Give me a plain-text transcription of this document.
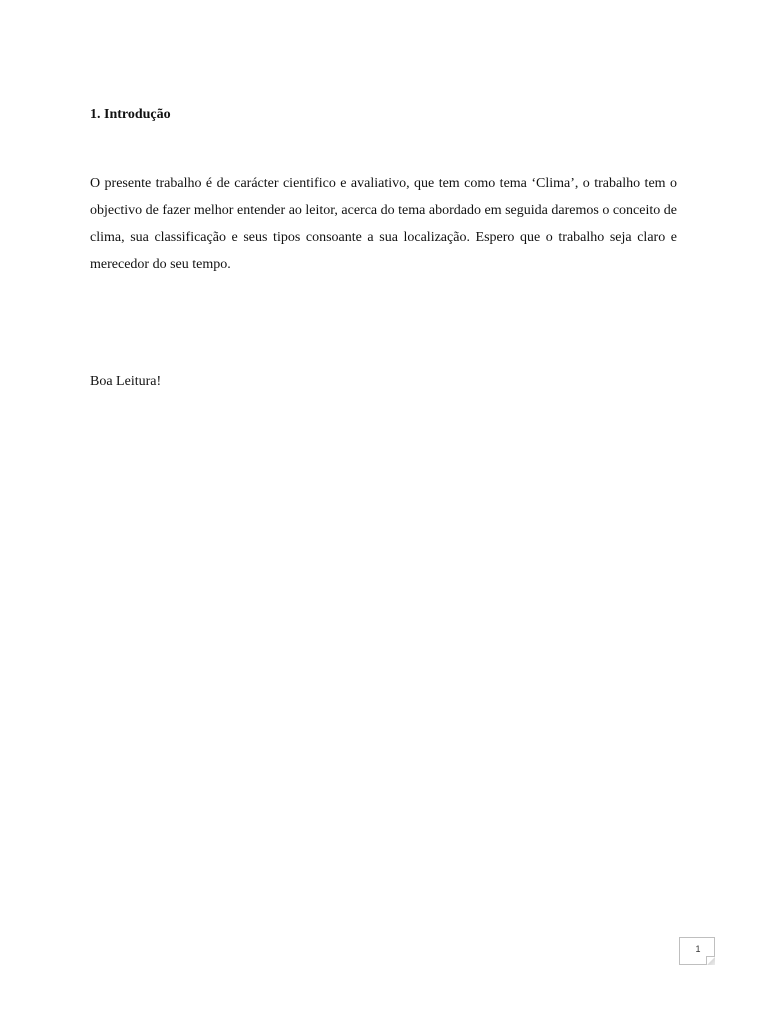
1. Introdução

O presente trabalho é de carácter cientifico e avaliativo, que tem como tema ‘Clima’, o trabalho tem o objectivo de fazer melhor entender ao leitor, acerca do tema abordado em seguida daremos o conceito de clima, sua classificação e seus tipos consoante a sua localização. Espero que o trabalho seja claro e merecedor do seu tempo.

Boa Leitura!

1
